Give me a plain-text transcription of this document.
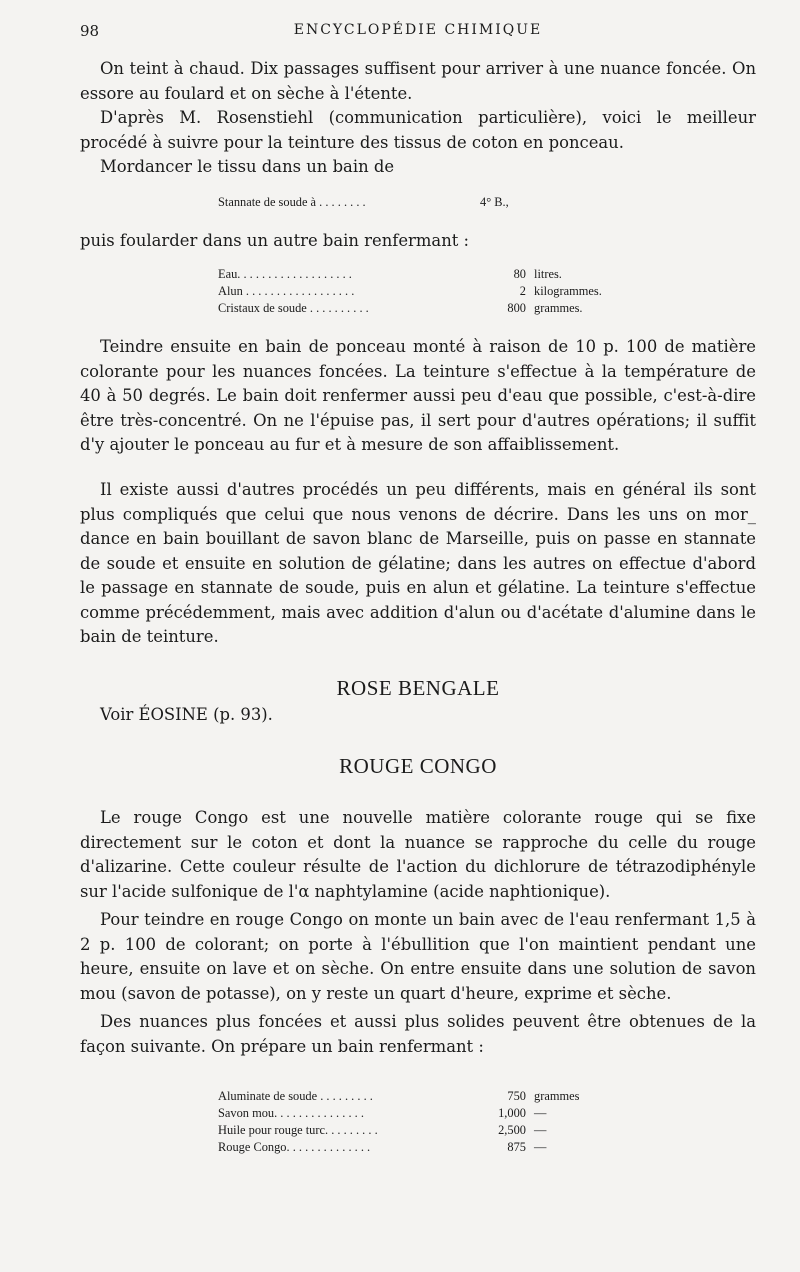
98	ENCYCLOPÉDIE CHIMIQUE

On teint à chaud. Dix passages suffisent pour arriver à une nuance foncée. On essore au foulard et on sèche à l'étente.

D'après M. Rosenstiehl (communication particulière), voici le meilleur procédé à suivre pour la teinture des tissus de coton en ponceau.

Mordancer le tissu dans un bain de

Stannate de soude à . . . . . . . .	4° B.,

puis foularder dans un autre bain renfermant :

Eau. . . . . . . . . . . . . . . . . . .	80 litres.
Alun . . . . . . . . . . . . . . . . . .	2 kilogrammes.
Cristaux de soude . . . . . . . . . .	800 grammes.

Teindre ensuite en bain de ponceau monté à raison de 10 p. 100 de matière colorante pour les nuances foncées. La teinture s'effectue à la température de 40 à 50 degrés. Le bain doit renfermer aussi peu d'eau que possible, c'est-à-dire être très-concentré. On ne l'épuise pas, il sert pour d'autres opérations; il suffit d'y ajouter le ponceau au fur et à mesure de son affaiblissement.

Il existe aussi d'autres procédés un peu différents, mais en général ils sont plus compliqués que celui que nous venons de décrire. Dans les uns on mor_ dance en bain bouillant de savon blanc de Marseille, puis on passe en stannate de soude et ensuite en solution de gélatine; dans les autres on effectue d'abord le passage en stannate de soude, puis en alun et gélatine. La teinture s'effectue comme précédemment, mais avec addition d'alun ou d'acétate d'alumine dans le bain de teinture.

ROSE BENGALE

Voir ÉOSINE (p. 93).

ROUGE CONGO

Le rouge Congo est une nouvelle matière colorante rouge qui se fixe directement sur le coton et dont la nuance se rapproche du celle du rouge d'alizarine. Cette couleur résulte de l'action du dichlorure de tétrazodiphényle sur l'acide sulfonique de l'α naphtylamine (acide naphtionique).

Pour teindre en rouge Congo on monte un bain avec de l'eau renfermant 1,5 à 2 p. 100 de colorant; on porte à l'ébullition que l'on maintient pendant une heure, ensuite on lave et on sèche. On entre ensuite dans une solution de savon mou (savon de potasse), on y reste un quart d'heure, exprime et sèche.

Des nuances plus foncées et aussi plus solides peuvent être obtenues de la façon suivante. On prépare un bain renfermant :

Aluminate de soude . . . . . . . . .	750 grammes
Savon mou. . . . . . . . . . . . . . .	1,000 —
Huile pour rouge turc. . . . . . . . .	2,500 —
Rouge Congo. . . . . . . . . . . . . .	875 —
